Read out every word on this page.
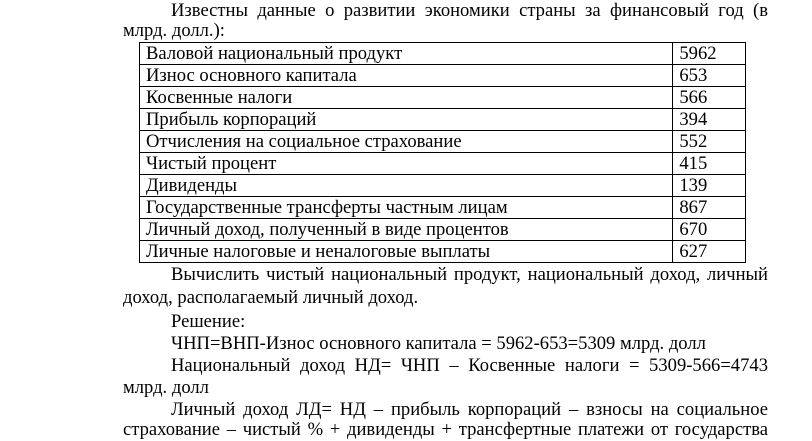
Известны данные о развитии экономики страны за финансовый год (в
млрд. долл.):
Валовой национальный продукт	5962
Износ основного капитала	653
Косвенные налоги	566
Прибыль корпораций	394
Отчисления на социальное страхование	552
Чистый процент	415
Дивиденды	139
Государственные трансферты частным лицам	867
Личный доход, полученный в виде процентов	670
Личные налоговые и неналоговые выплаты	627
Вычислить чистый национальный продукт, национальный доход, личный
доход, располагаемый личный доход.
Решение:
ЧНП=ВНП-Износ основного капитала = 5962-653=5309 млрд. долл
Национальный доход НД= ЧНП – Косвенные налоги = 5309-566=4743
млрд. долл
Личный доход ЛД= НД – прибыль корпораций – взносы на социальное
страхование – чистый % + дивиденды + трансфертные платежи от государства
